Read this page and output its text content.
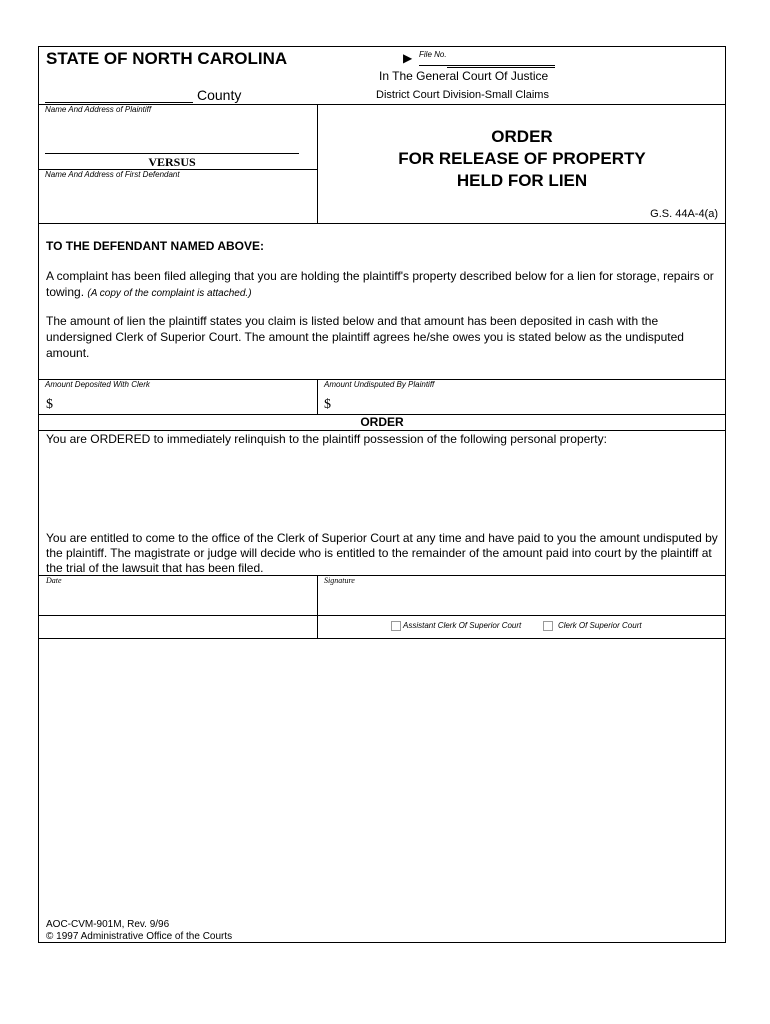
STATE OF NORTH CAROLINA	▶ File No.
In The General Court Of Justice
County	District Court Division-Small Claims
Name And Address of Plaintiff
VERSUS
Name And Address of First Defendant
ORDER
FOR RELEASE OF PROPERTY
HELD FOR LIEN
G.S. 44A-4(a)
TO THE DEFENDANT NAMED ABOVE:
A complaint has been filed alleging that you are holding the plaintiff's property described below for a lien for storage, repairs or towing. (A copy of the complaint is attached.)
The amount of lien the plaintiff states you claim is listed below and that amount has been deposited in cash with the undersigned Clerk of Superior Court. The amount the plaintiff agrees he/she owes you is stated below as the undisputed amount.
Amount Deposited With Clerk
$
Amount Undisputed By Plaintiff
$
ORDER
You are ORDERED to immediately relinquish to the plaintiff possession of the following personal property:
You are entitled to come to the office of the Clerk of Superior Court at any time and have paid to you the amount undisputed by the plaintiff. The magistrate or judge will decide who is entitled to the remainder of the amount paid into court by the plaintiff at the trial of the lawsuit that has been filed.
Date	Signature
Assistant Clerk Of Superior Court	Clerk Of Superior Court
AOC-CVM-901M, Rev. 9/96
© 1997 Administrative Office of the Courts
